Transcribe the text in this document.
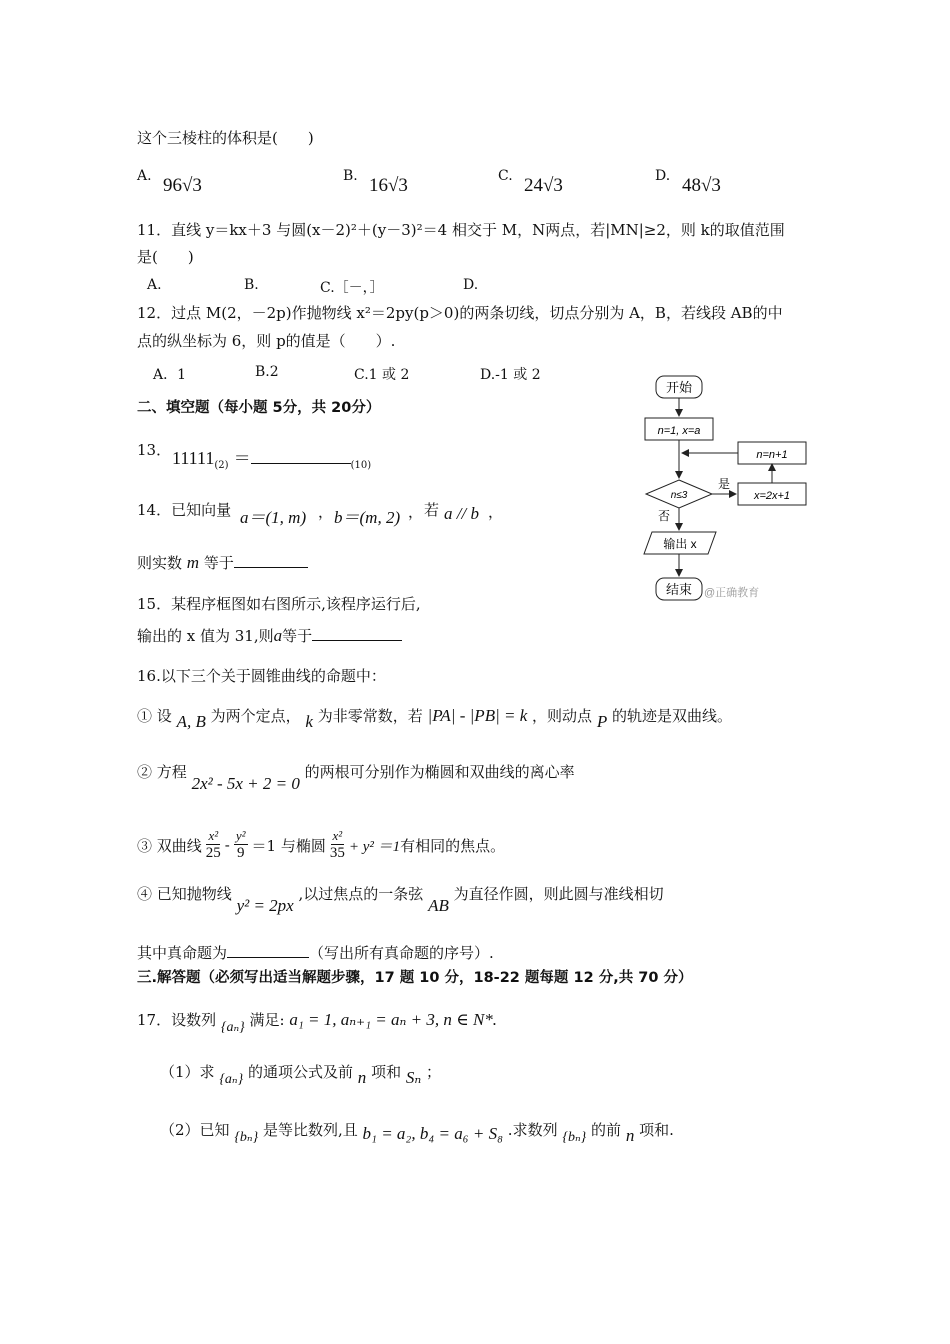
这个三棱柱的体积是(　　)
A. 96√3	B. 16√3	C. 24√3	D. 48√3
11．直线 y＝kx＋3 与圆(x－2)²＋(y－3)²＝4 相交于 M，N两点，若|MN|≥2，则 k的取值范围
是(　　)
A.	B.	C.［－，］	D.
12．过点 M(2，－2p)作抛物线 x²＝2py(p＞0)的两条切线，切点分别为 A，B，若线段 AB的中
点的纵坐标为 6，则 p的值是（　　）.
A．1	B.2	C.1 或 2	D.-1 或 2
二、填空题（每小题 5分，共 20分）
13． $11111_{(2)}$ ＝	$_{(10)}$
14．已知向量 a＝(1, m) ， b＝(m, 2) ， 若 a // b ，
则实数 m 等于
15．某程序框图如右图所示,该程序运行后,
输出的 x 值为 31,则a等于
16.以下三个关于圆锥曲线的命题中：
① 设 A, B 为两个定点， k 为非零常数，若 |PA| - |PB| = k ，则动点 P 的轨迹是双曲线。
② 方程 2x² - 5x + 2 = 0 的两根可分别作为椭圆和双曲线的离心率
③ 双曲线
x²
25 -
y²
9 ＝1 与椭圆
x²
35 + y² ＝1 有相同的焦点。
④ 已知抛物线 y² = 2px ,以过焦点的一条弦 AB 为直径作圆，则此圆与准线相切
其中真命题为	（写出所有真命题的序号）.
三.解答题（必须写出适当解题步骤，17 题 10 分，18-22 题每题 12 分,共 70 分）
17．设数列 {aₙ} 满足: a₁ = 1, aₙ₊₁ = aₙ + 3, n ∈ N*.
（1）求 {aₙ} 的通项公式及前 n 项和 Sₙ ；
（2）已知 {bₙ} 是等比数列,且 b₁ = a₂, b₄ = a₆ + S₈ .求数列 {bₙ} 的前 n 项和.
开始
n=1, x=a
n=n+1
n≤3
是
x=2x+1
否
输出 x
结束 @正确教育
